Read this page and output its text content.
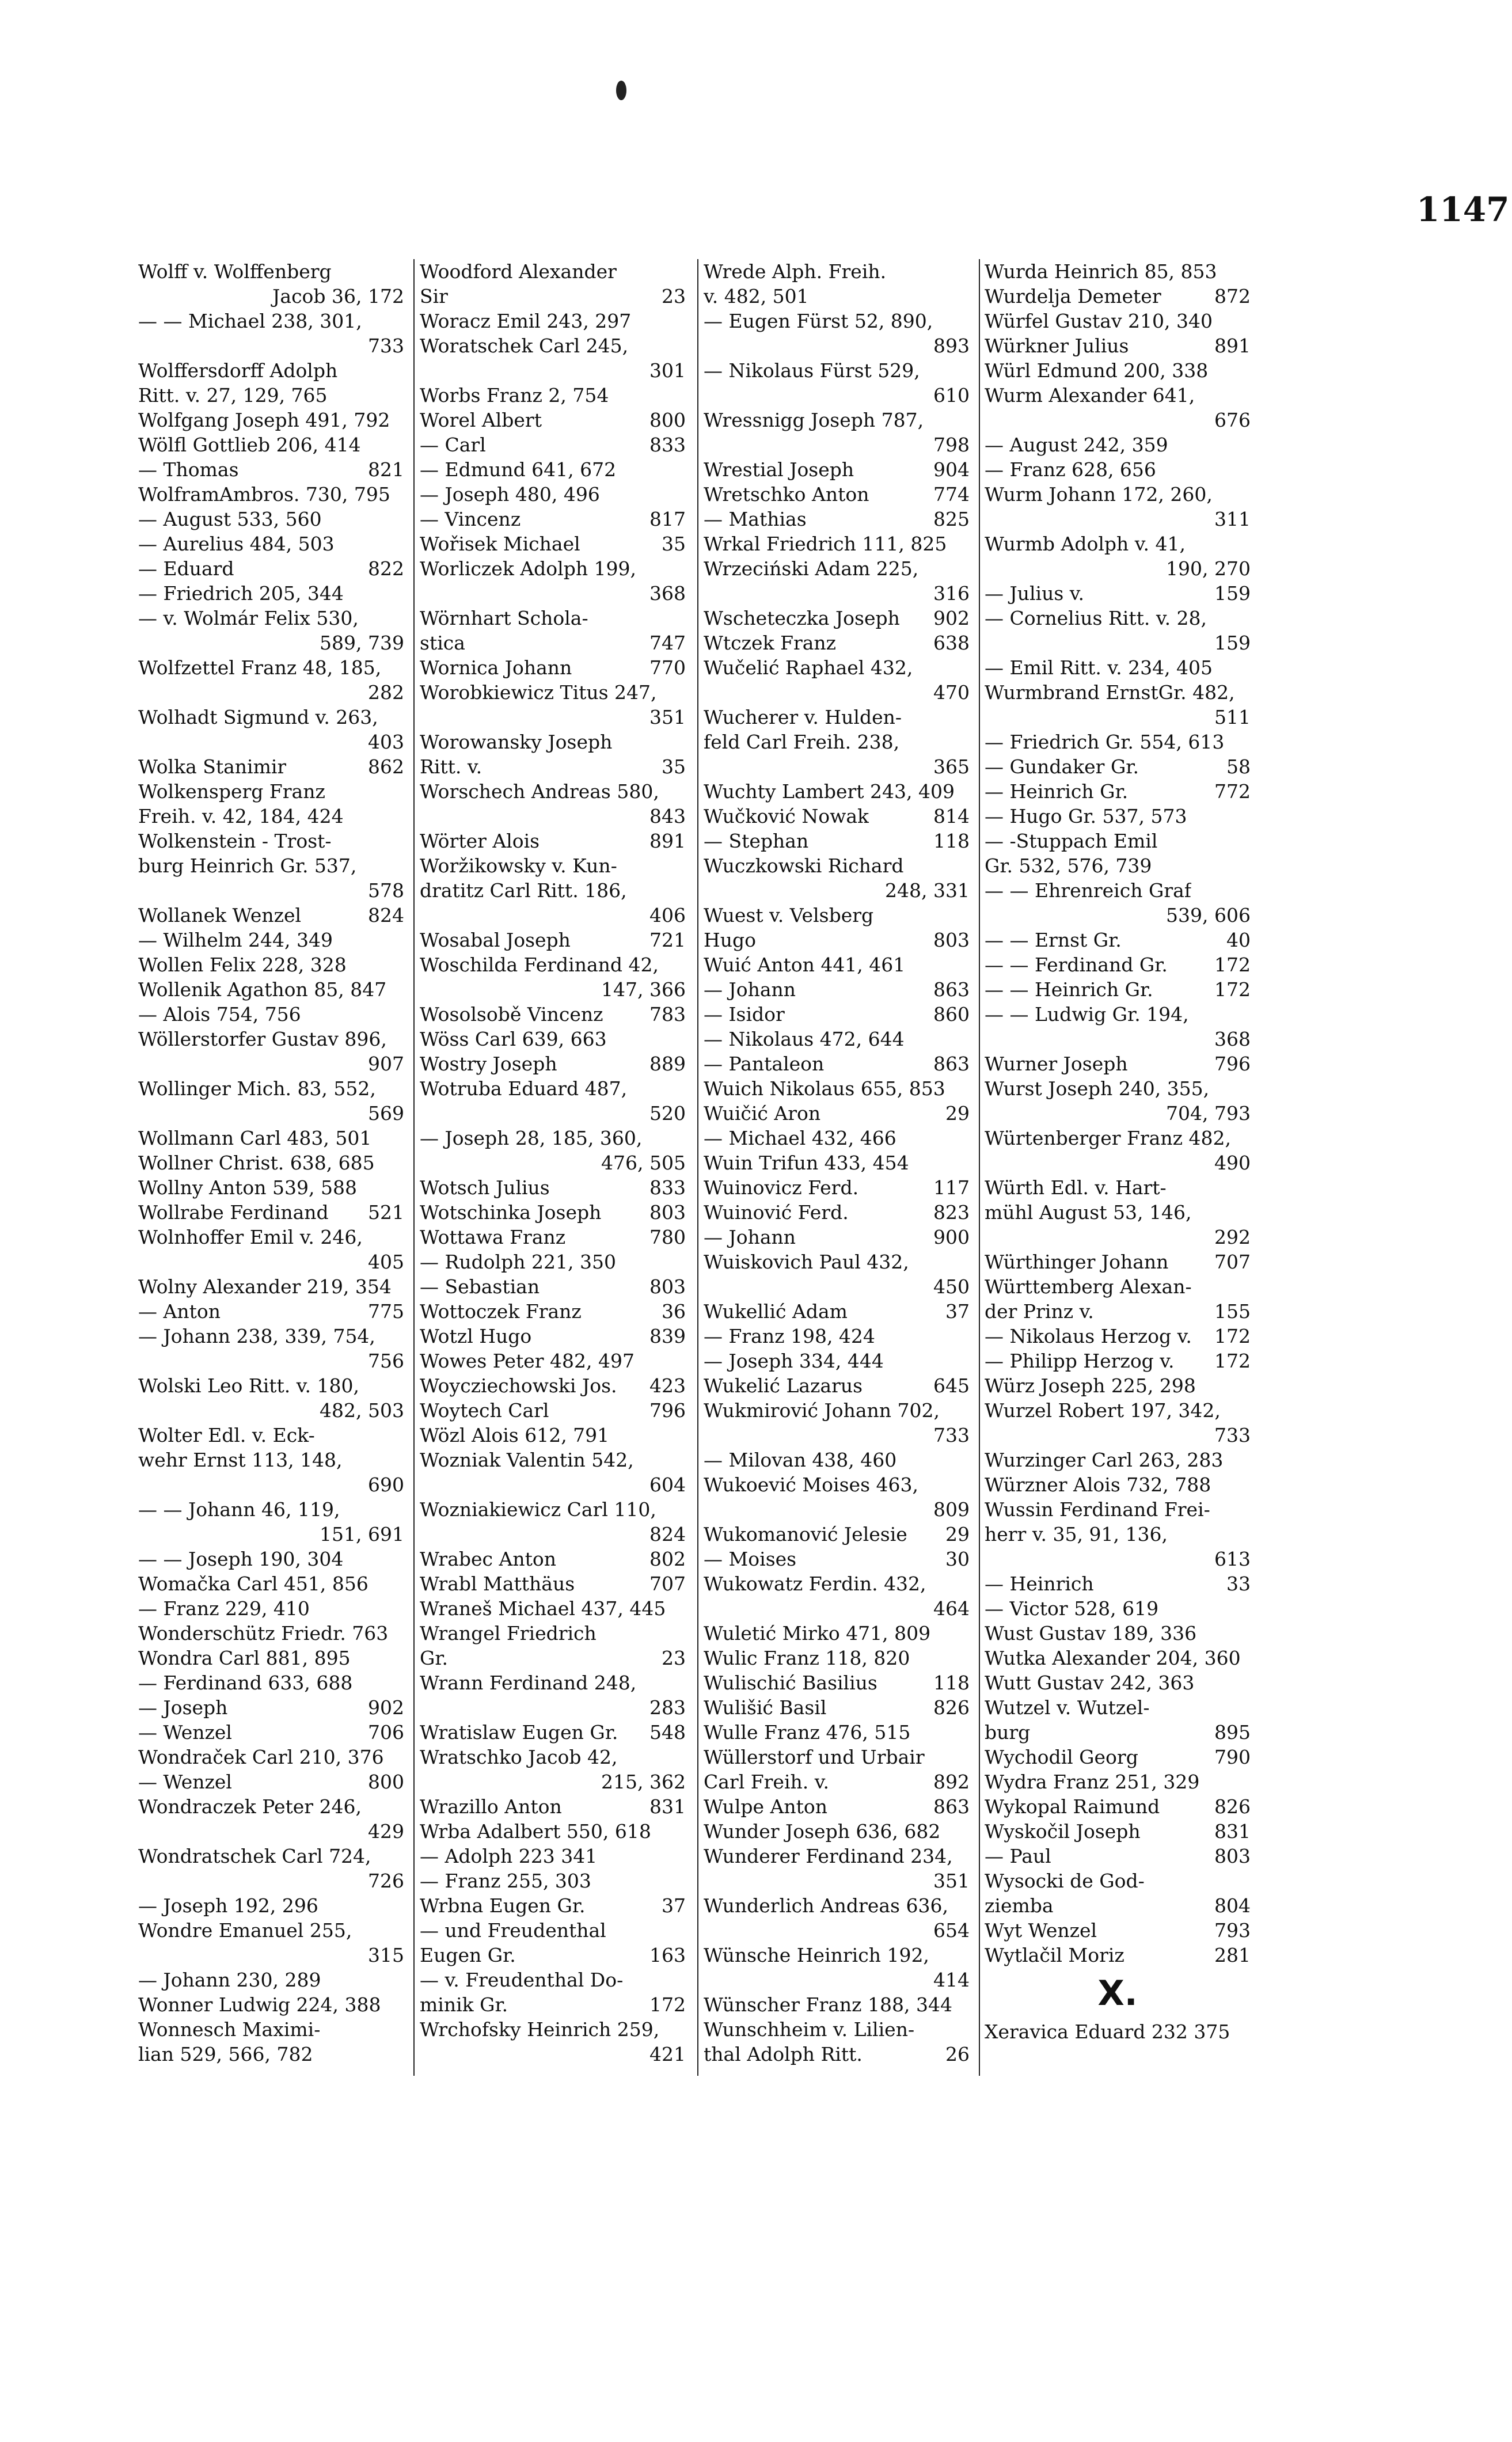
1147
Wolff v. Wolffenberg
Jacob 36, 172
— — Michael 238, 301,
733
Wolffersdorff Adolph
Ritt. v. 27, 129, 765
Wolfgang Joseph 491, 792
Wölfl Gottlieb 206, 414
— Thomas	821
WolframAmbros. 730, 795
— August 533, 560
— Aurelius 484, 503
— Eduard	822
— Friedrich 205, 344
— v. Wolmár Felix 530,
589, 739
Wolfzettel Franz 48, 185,
282
Wolhadt Sigmund v. 263,
403
Wolka Stanimir	862
Wolkensperg Franz
Freih. v. 42, 184, 424
Wolkenstein - Trost-
burg Heinrich Gr. 537,
578
Wollanek Wenzel	824
— Wilhelm 244, 349
Wollen Felix 228, 328
Wollenik Agathon 85, 847
— Alois 754, 756
Wöllerstorfer Gustav 896,
907
Wollinger Mich. 83, 552,
569
Wollmann Carl 483, 501
Wollner Christ. 638, 685
Wollny Anton 539, 588
Wollrabe Ferdinand 521
Wolnhoffer Emil v. 246,
405
Wolny Alexander 219, 354
— Anton	775
— Johann 238, 339, 754,
756
Wolski Leo Ritt. v. 180,
482, 503
Wolter Edl. v. Eck-
wehr Ernst 113, 148,
690
— — Johann 46, 119,
151, 691
— — Joseph 190, 304
Womačka Carl 451, 856
— Franz 229, 410
Wonderschütz Friedr. 763
Wondra Carl 881, 895
— Ferdinand 633, 688
— Joseph	902
— Wenzel	706
Wondraček Carl 210, 376
— Wenzel	800
Wondraczek Peter 246,
429
Wondratschek Carl 724,
726
— Joseph 192, 296
Wondre Emanuel 255,
315
— Johann 230, 289
Wonner Ludwig 224, 388
Wonnesch Maximi-
lian 529, 566, 782
Woodford Alexander
Sir	23
Woracz Emil 243, 297
Woratschek Carl 245,
301
Worbs Franz 2, 754
Worel Albert	800
— Carl	833
— Edmund 641, 672
— Joseph 480, 496
— Vincenz	817
Wořisek Michael	35
Worliczek Adolph 199,
368
Wörnhart Schola-
stica	747
Wornica Johann	770
Worobkiewicz Titus 247,
351
Worowansky Joseph
Ritt. v.	35
Worschech Andreas 580,
843
Wörter Alois	891
Woržikowsky v. Kun-
dratitz Carl Ritt. 186,
406
Wosabal Joseph	721
Woschilda Ferdinand 42,
147, 366
Wosolsobě Vincenz 783
Wöss Carl 639, 663
Wostry Joseph	889
Wotruba Eduard 487,
520
— Joseph 28, 185, 360,
476, 505
Wotsch Julius	833
Wotschinka Joseph	803
Wottawa Franz	780
— Rudolph 221, 350
— Sebastian	803
Wottoczek Franz	36
Wotzl Hugo	839
Wowes Peter 482, 497
Woycziechowski Jos. 423
Woytech Carl	796
Wözl Alois 612, 791
Wozniak Valentin 542,
604
Wozniakiewicz Carl 110,
824
Wrabec Anton	802
Wrabl Matthäus	707
Wraneš Michael 437, 445
Wrangel Friedrich
Gr.	23
Wrann Ferdinand 248,
283
Wratislaw Eugen Gr. 548
Wratschko Jacob 42,
215, 362
Wrazillo Anton	831
Wrba Adalbert 550, 618
— Adolph 223 341
— Franz 255, 303
Wrbna Eugen Gr.	37
— und Freudenthal
Eugen Gr.	163
— v. Freudenthal Do-
minik Gr.	172
Wrchofsky Heinrich 259,
421
Wrede Alph. Freih.
v. 482, 501
— Eugen Fürst 52, 890,
893
— Nikolaus Fürst 529,
610
Wressnigg Joseph 787,
798
Wrestial Joseph	904
Wretschko Anton	774
— Mathias	825
Wrkal Friedrich 111, 825
Wrzeciński Adam 225,
316
Wscheteczka Joseph 902
Wtczek Franz	638
Wučelić Raphael 432,
470
Wucherer v. Hulden-
feld Carl Freih. 238,
365
Wuchty Lambert 243, 409
Wučković Nowak	814
— Stephan	118
Wuczkowski Richard
248, 331
Wuest v. Velsberg
Hugo	803
Wuić Anton 441, 461
— Johann	863
— Isidor	860
— Nikolaus 472, 644
— Pantaleon	863
Wuich Nikolaus 655, 853
Wuičić Aron	29
— Michael 432, 466
Wuin Trifun 433, 454
Wuinovicz Ferd.	117
Wuinović Ferd.	823
— Johann	900
Wuiskovich Paul 432,
450
Wukellić Adam	37
— Franz 198, 424
— Joseph 334, 444
Wukelić Lazarus	645
Wukmirović Johann 702,
733
— Milovan 438, 460
Wukoević Moises 463,
809
Wukomanović Jelesie 29
— Moises	30
Wukowatz Ferdin. 432,
464
Wuletić Mirko 471, 809
Wulic Franz 118, 820
Wulischić Basilius	118
Wulišić Basil	826
Wulle Franz 476, 515
Wüllerstorf und Urbair
Carl Freih. v.	892
Wulpe Anton	863
Wunder Joseph 636, 682
Wunderer Ferdinand 234,
351
Wunderlich Andreas 636,
654
Wünsche Heinrich 192,
414
Wünscher Franz 188, 344
Wunschheim v. Lilien-
thal Adolph Ritt.	26
Wurda Heinrich 85, 853
Wurdelja Demeter	872
Würfel Gustav 210, 340
Würkner Julius	891
Würl Edmund 200, 338
Wurm Alexander 641,
676
— August 242, 359
— Franz 628, 656
Wurm Johann 172, 260,
311
Wurmb Adolph v. 41,
190, 270
— Julius v.	159
— Cornelius Ritt. v. 28,
159
— Emil Ritt. v. 234, 405
Wurmbrand ErnstGr. 482,
511
— Friedrich Gr. 554, 613
— Gundaker Gr.	58
— Heinrich Gr.	772
— Hugo Gr. 537, 573
— -Stuppach Emil
Gr. 532, 576, 739
— — Ehrenreich Graf
539, 606
— — Ernst Gr.	40
— — Ferdinand Gr. 172
— — Heinrich Gr.	172
— — Ludwig Gr. 194,
368
Wurner Joseph	796
Wurst Joseph 240, 355,
704, 793
Würtenberger Franz 482,
490
Würth Edl. v. Hart-
mühl August 53, 146,
292
Würthinger Johann 707
Württemberg Alexan-
der Prinz v.	155
— Nikolaus Herzog v. 172
— Philipp Herzog v. 172
Würz Joseph 225, 298
Wurzel Robert 197, 342,
733
Wurzinger Carl 263, 283
Würzner Alois 732, 788
Wussin Ferdinand Frei-
herr v. 35, 91, 136,
613
— Heinrich	33
— Victor 528, 619
Wust Gustav 189, 336
Wutka Alexander 204, 360
Wutt Gustav 242, 363
Wutzel v. Wutzel-
burg	895
Wychodil Georg	790
Wydra Franz 251, 329
Wykopal Raimund	826
Wyskočil Joseph	831
— Paul	803
Wysocki de God-
ziemba	804
Wyt Wenzel	793
Wytlačil Moriz	281
X.
Xeravica Eduard 232 375
